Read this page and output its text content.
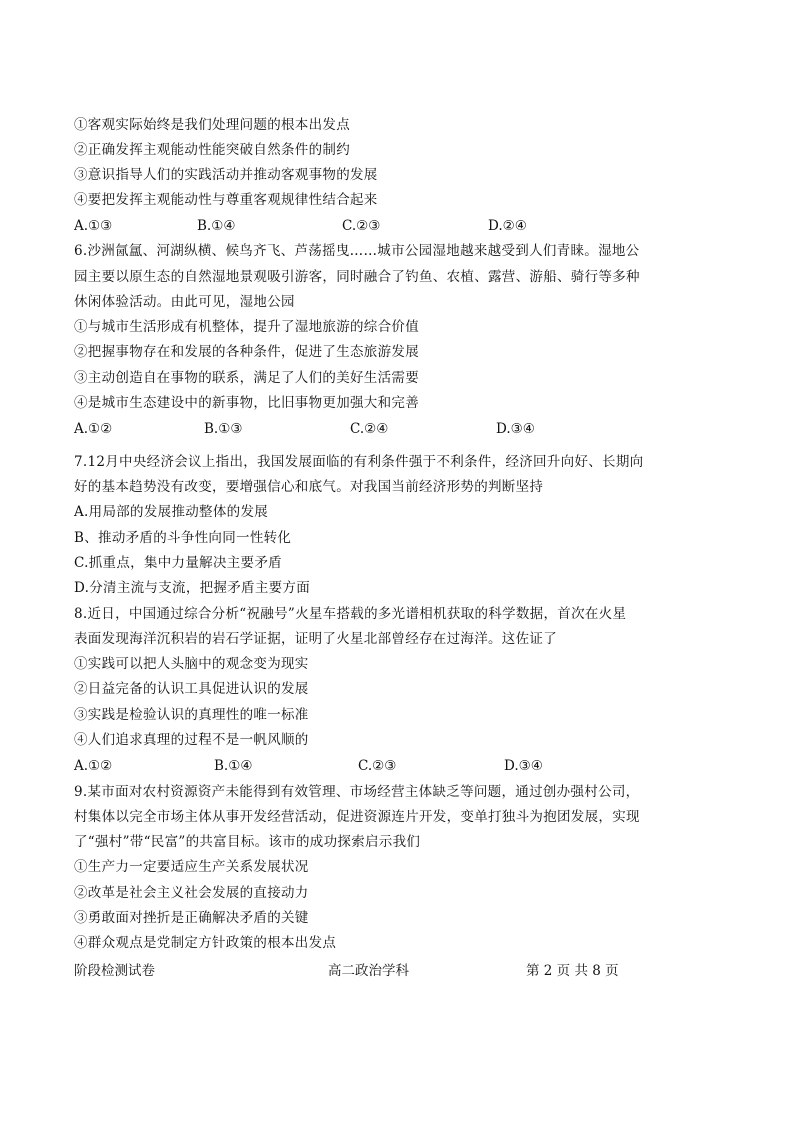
①客观实际始终是我们处理问题的根本出发点
②正确发挥主观能动性能突破自然条件的制约
③意识指导人们的实践活动并推动客观事物的发展
④要把发挥主观能动性与尊重客观规律性结合起来
A.①③	B.①④	C.②③	D.②④
6.沙洲氤氲、河湖纵横、候鸟齐飞、芦荡摇曳……城市公园湿地越来越受到人们青睐。湿地公
园主要以原生态的自然湿地景观吸引游客，同时融合了钓鱼、农植、露营、游船、骑行等多种
休闲体验活动。由此可见，湿地公园
①与城市生活形成有机整体，提升了湿地旅游的综合价值
②把握事物存在和发展的各种条件，促进了生态旅游发展
③主动创造自在事物的联系，满足了人们的美好生活需要
④是城市生态建设中的新事物，比旧事物更加强大和完善
A.①②	B.①③	C.②④	D.③④
7.12月中央经济会议上指出，我国发展面临的有利条件强于不利条件，经济回升向好、长期向
好的基本趋势没有改变，要增强信心和底气。对我国当前经济形势的判断坚持
A.用局部的发展推动整体的发展
B、推动矛盾的斗争性向同一性转化
C.抓重点，集中力量解决主要矛盾
D.分清主流与支流，把握矛盾主要方面
8.近日，中国通过综合分析“祝融号”火星车搭载的多光谱相机获取的科学数据，首次在火星
表面发现海洋沉积岩的岩石学证据，证明了火星北部曾经存在过海洋。这佐证了
①实践可以把人头脑中的观念变为现实
②日益完备的认识工具促进认识的发展
③实践是检验认识的真理性的唯一标准
④人们追求真理的过程不是一帆风顺的
A.①②	B.①④	C.②③	D.③④
9.某市面对农村资源资产未能得到有效管理、市场经营主体缺乏等问题，通过创办强村公司，
村集体以完全市场主体从事开发经营活动，促进资源连片开发，变单打独斗为抱团发展，实现
了“强村”带“民富”的共富目标。该市的成功探索启示我们
①生产力一定要适应生产关系发展状况
②改革是社会主义社会发展的直接动力
③勇敢面对挫折是正确解决矛盾的关键
④群众观点是党制定方针政策的根本出发点
阶段检测试卷	高二政治学科	第 2 页 共 8 页
